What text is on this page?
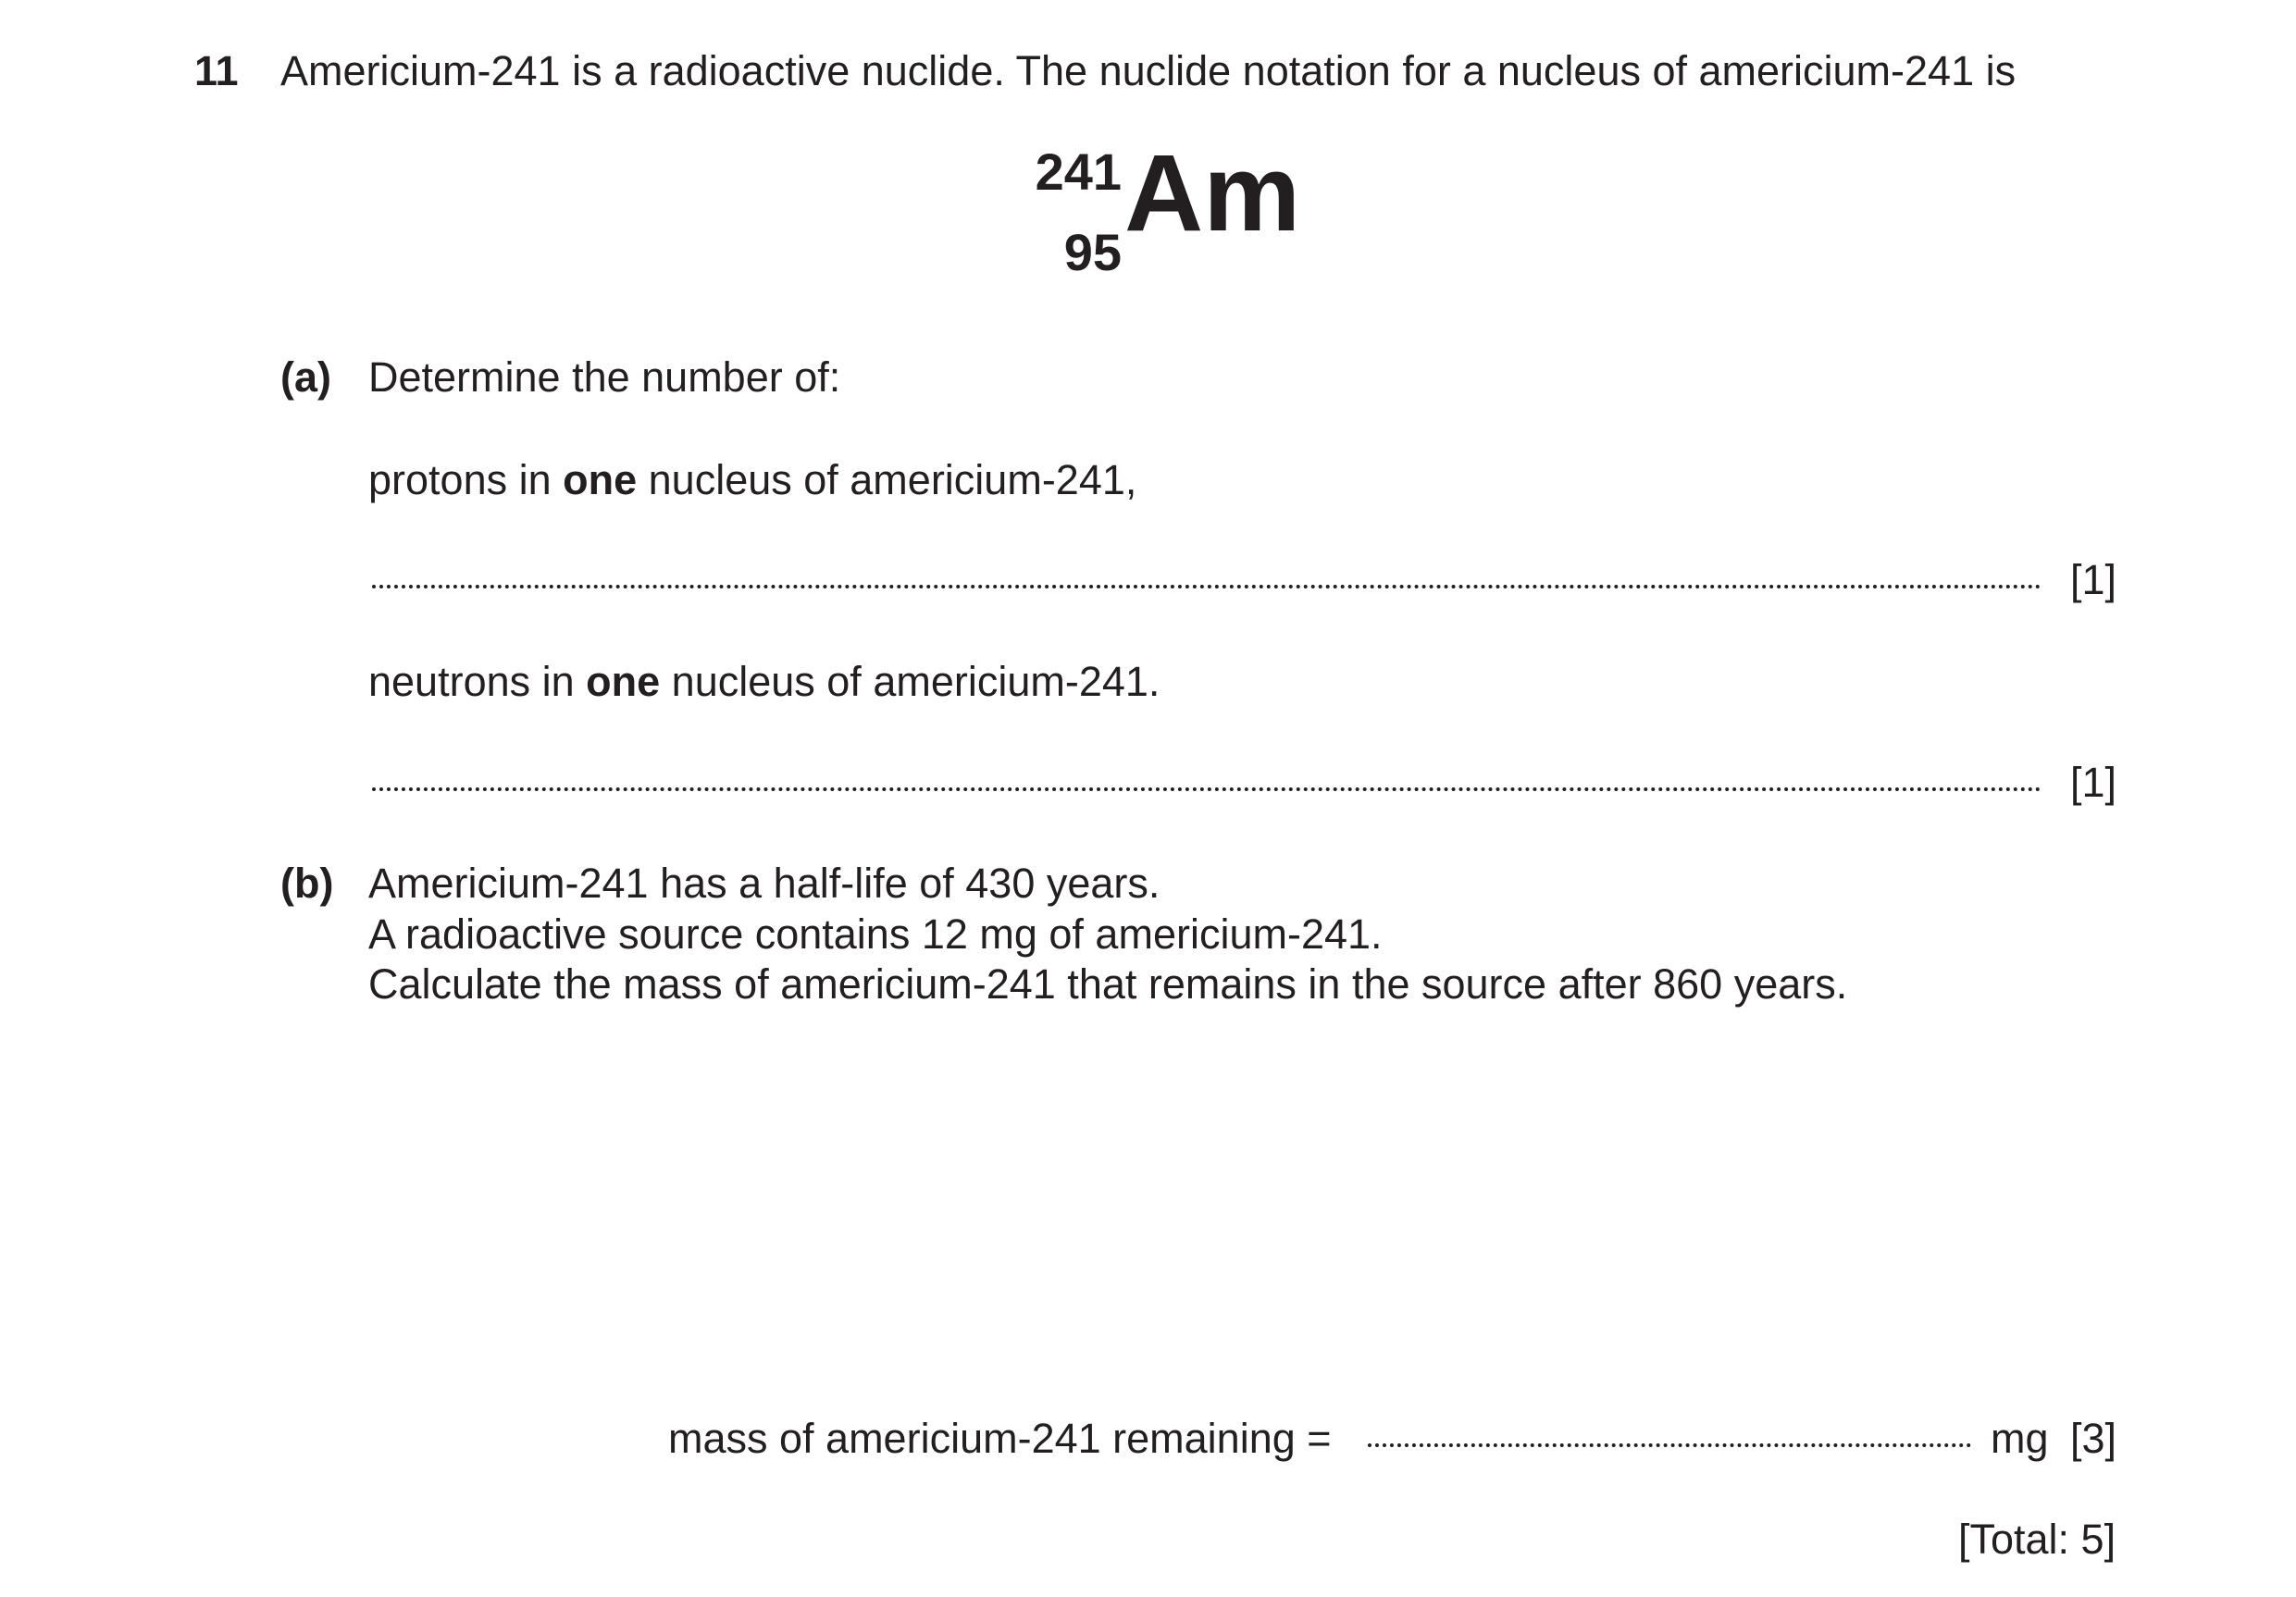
11 Americium-241 is a radioactive nuclide. The nuclide notation for a nucleus of americium-241 is
241
95 Am
(a) Determine the number of:
protons in one nucleus of americium-241,
[1]
neutrons in one nucleus of americium-241.
[1]
(b) Americium-241 has a half-life of 430 years.
A radioactive source contains 12 mg of americium-241.
Calculate the mass of americium-241 that remains in the source after 860 years.
mass of americium-241 remaining =	mg [3]
[Total: 5]
